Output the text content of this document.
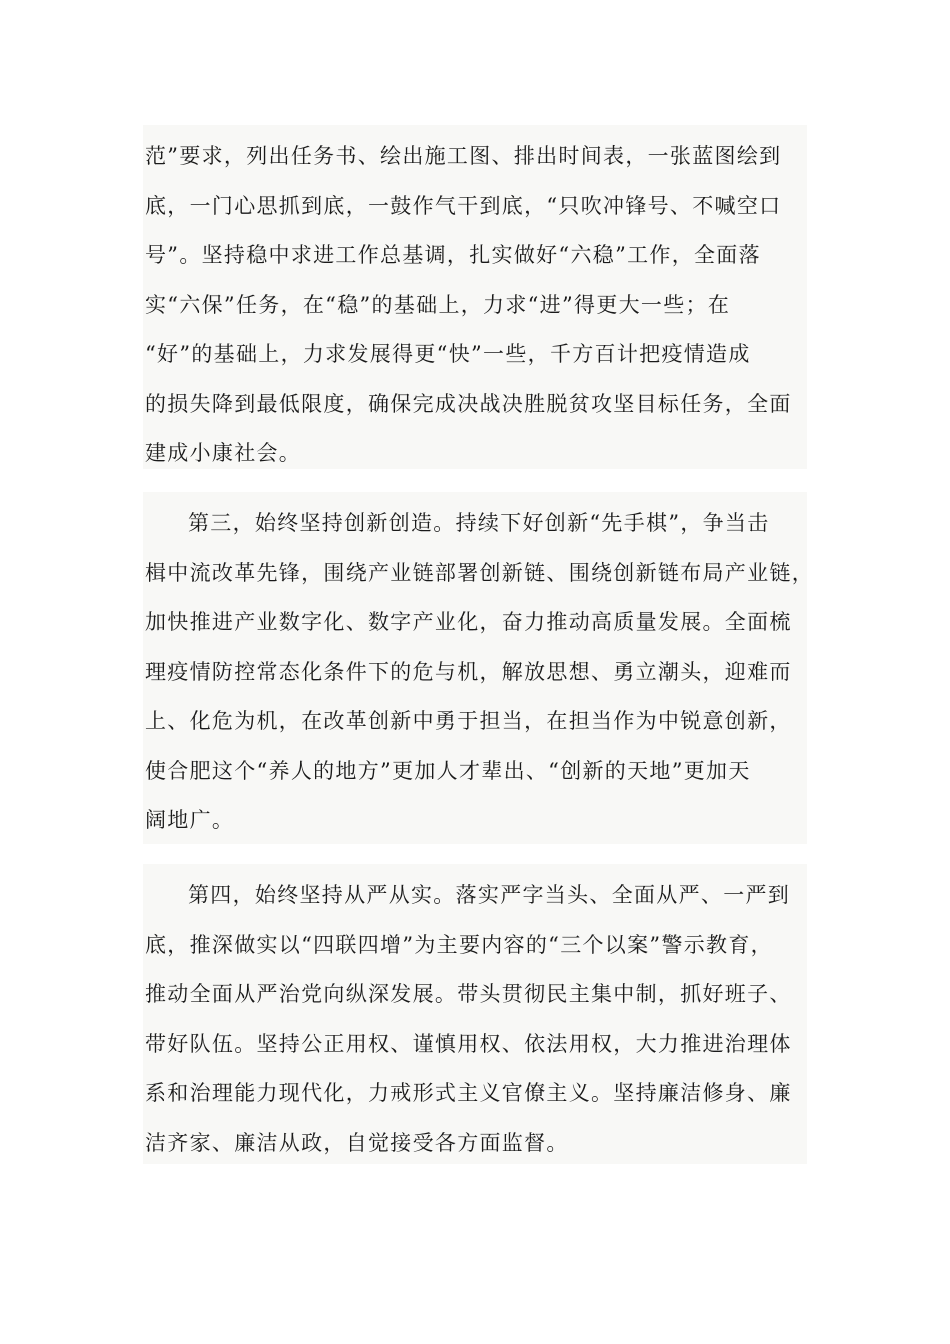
范”要求，列出任务书、绘出施工图、排出时间表，一张蓝图绘到
底，一门心思抓到底，一鼓作气干到底，“只吹冲锋号、不喊空口
号”。坚持稳中求进工作总基调，扎实做好“六稳”工作，全面落
实“六保”任务，在“稳”的基础上，力求“进”得更大一些；在
“好”的基础上，力求发展得更“快”一些，千方百计把疫情造成
的损失降到最低限度，确保完成决战决胜脱贫攻坚目标任务，全面
建成小康社会。
第三，始终坚持创新创造。持续下好创新“先手棋”，争当击
楫中流改革先锋，围绕产业链部署创新链、围绕创新链布局产业链，
加快推进产业数字化、数字产业化，奋力推动高质量发展。全面梳
理疫情防控常态化条件下的危与机，解放思想、勇立潮头，迎难而
上、化危为机，在改革创新中勇于担当，在担当作为中锐意创新，
使合肥这个“养人的地方”更加人才辈出、“创新的天地”更加天
阔地广。
第四，始终坚持从严从实。落实严字当头、全面从严、一严到
底，推深做实以“四联四增”为主要内容的“三个以案”警示教育，
推动全面从严治党向纵深发展。带头贯彻民主集中制，抓好班子、
带好队伍。坚持公正用权、谨慎用权、依法用权，大力推进治理体
系和治理能力现代化，力戒形式主义官僚主义。坚持廉洁修身、廉
洁齐家、廉洁从政，自觉接受各方面监督。
